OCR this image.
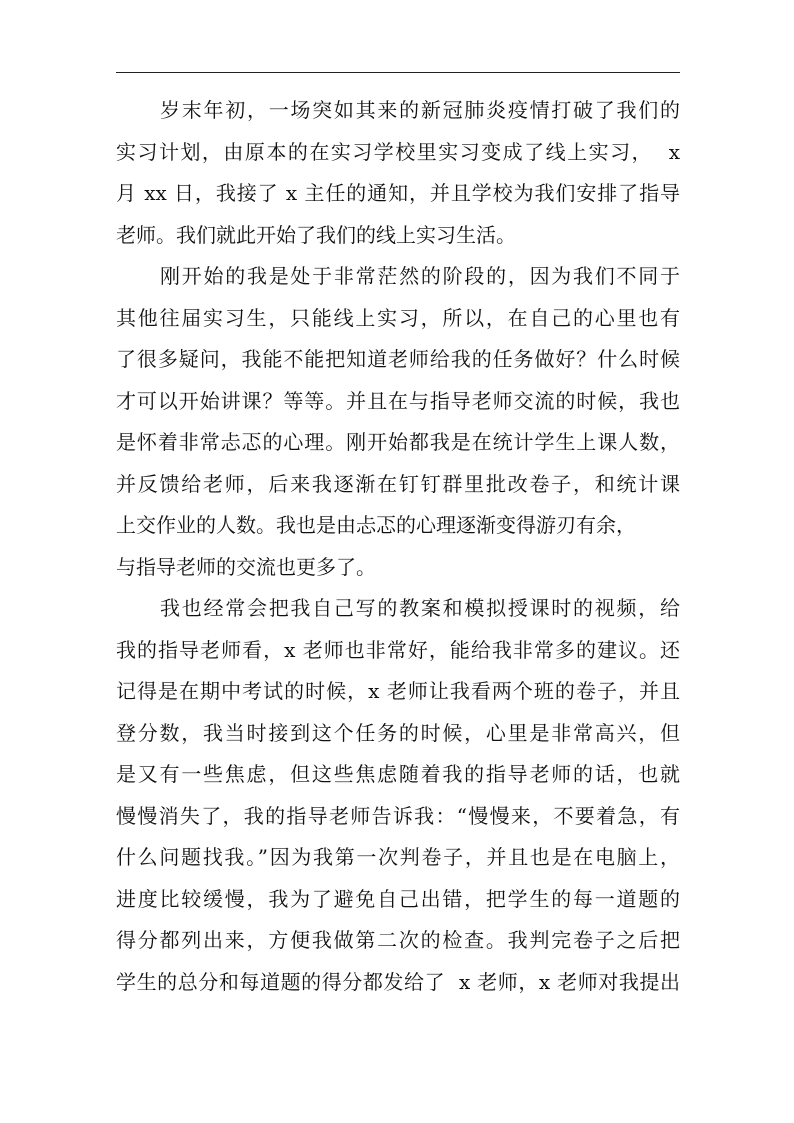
岁末年初，一场突如其来的新冠肺炎疫情打破了我们的
实习计划，由原本的在实习学校里实习变成了线上实习，  x
月 xx 日，我接了 x 主任的通知，并且学校为我们安排了指导
老师。我们就此开始了我们的线上实习生活。
刚开始的我是处于非常茫然的阶段的，因为我们不同于
其他往届实习生，只能线上实习，所以，在自己的心里也有
了很多疑问，我能不能把知道老师给我的任务做好？什么时候
才可以开始讲课？等等。并且在与指导老师交流的时候，我也
是怀着非常忐忑的心理。刚开始都我是在统计学生上课人数，
并反馈给老师，后来我逐渐在钉钉群里批改卷子，和统计课
上交作业的人数。我也是由忐忑的心理逐渐变得游刃有余，
与指导老师的交流也更多了。
我也经常会把我自己写的教案和模拟授课时的视频，给
我的指导老师看，x 老师也非常好，能给我非常多的建议。还
记得是在期中考试的时候，x 老师让我看两个班的卷子，并且
登分数，我当时接到这个任务的时候，心里是非常高兴，但
是又有一些焦虑，但这些焦虑随着我的指导老师的话，也就
慢慢消失了，我的指导老师告诉我：“慢慢来，不要着急，有
什么问题找我。”因为我第一次判卷子，并且也是在电脑上，
进度比较缓慢，我为了避免自己出错，把学生的每一道题的
得分都列出来，方便我做第二次的检查。我判完卷子之后把
学生的总分和每道题的得分都发给了  x 老师，x 老师对我提出
